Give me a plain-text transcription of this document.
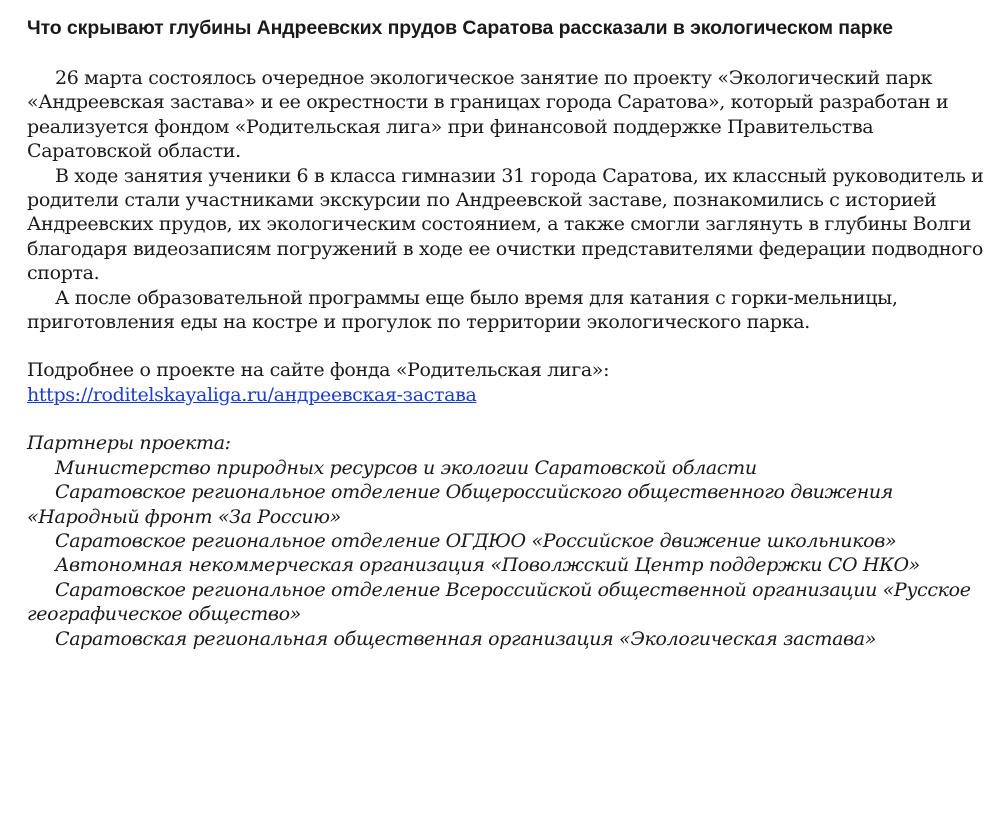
Что скрывают глубины Андреевских прудов Саратова рассказали в экологическом парке

26 марта состоялось очередное экологическое занятие по проекту «Экологический парк «Андреевская застава» и ее окрестности в границах города Саратова», который разработан и реализуется фондом «Родительская лига» при финансовой поддержке Правительства Саратовской области.

В ходе занятия ученики 6 в класса гимназии 31 города Саратова, их классный руководитель и родители стали участниками экскурсии по Андреевской заставе, познакомились с историей Андреевских прудов, их экологическим состоянием, а также смогли заглянуть в глубины Волги благодаря видеозаписям погружений в ходе ее очистки представителями федерации подводного спорта.

А после образовательной программы еще было время для катания с горки-мельницы, приготовления еды на костре и прогулок по территории экологического парка.

Подробнее о проекте на сайте фонда «Родительская лига»:

https://roditelskayaliga.ru/андреевская-застава

Партнеры проекта:

Министерство природных ресурсов и экологии Саратовской области

Саратовское региональное отделение Общероссийского общественного движения «Народный фронт «За Россию»

Саратовское региональное отделение ОГДЮО «Российское движение школьников»

Автономная некоммерческая организация «Поволжский Центр поддержки СО НКО»

Саратовское региональное отделение Всероссийской общественной организации «Русское географическое общество»

Саратовская региональная общественная организация «Экологическая застава»
